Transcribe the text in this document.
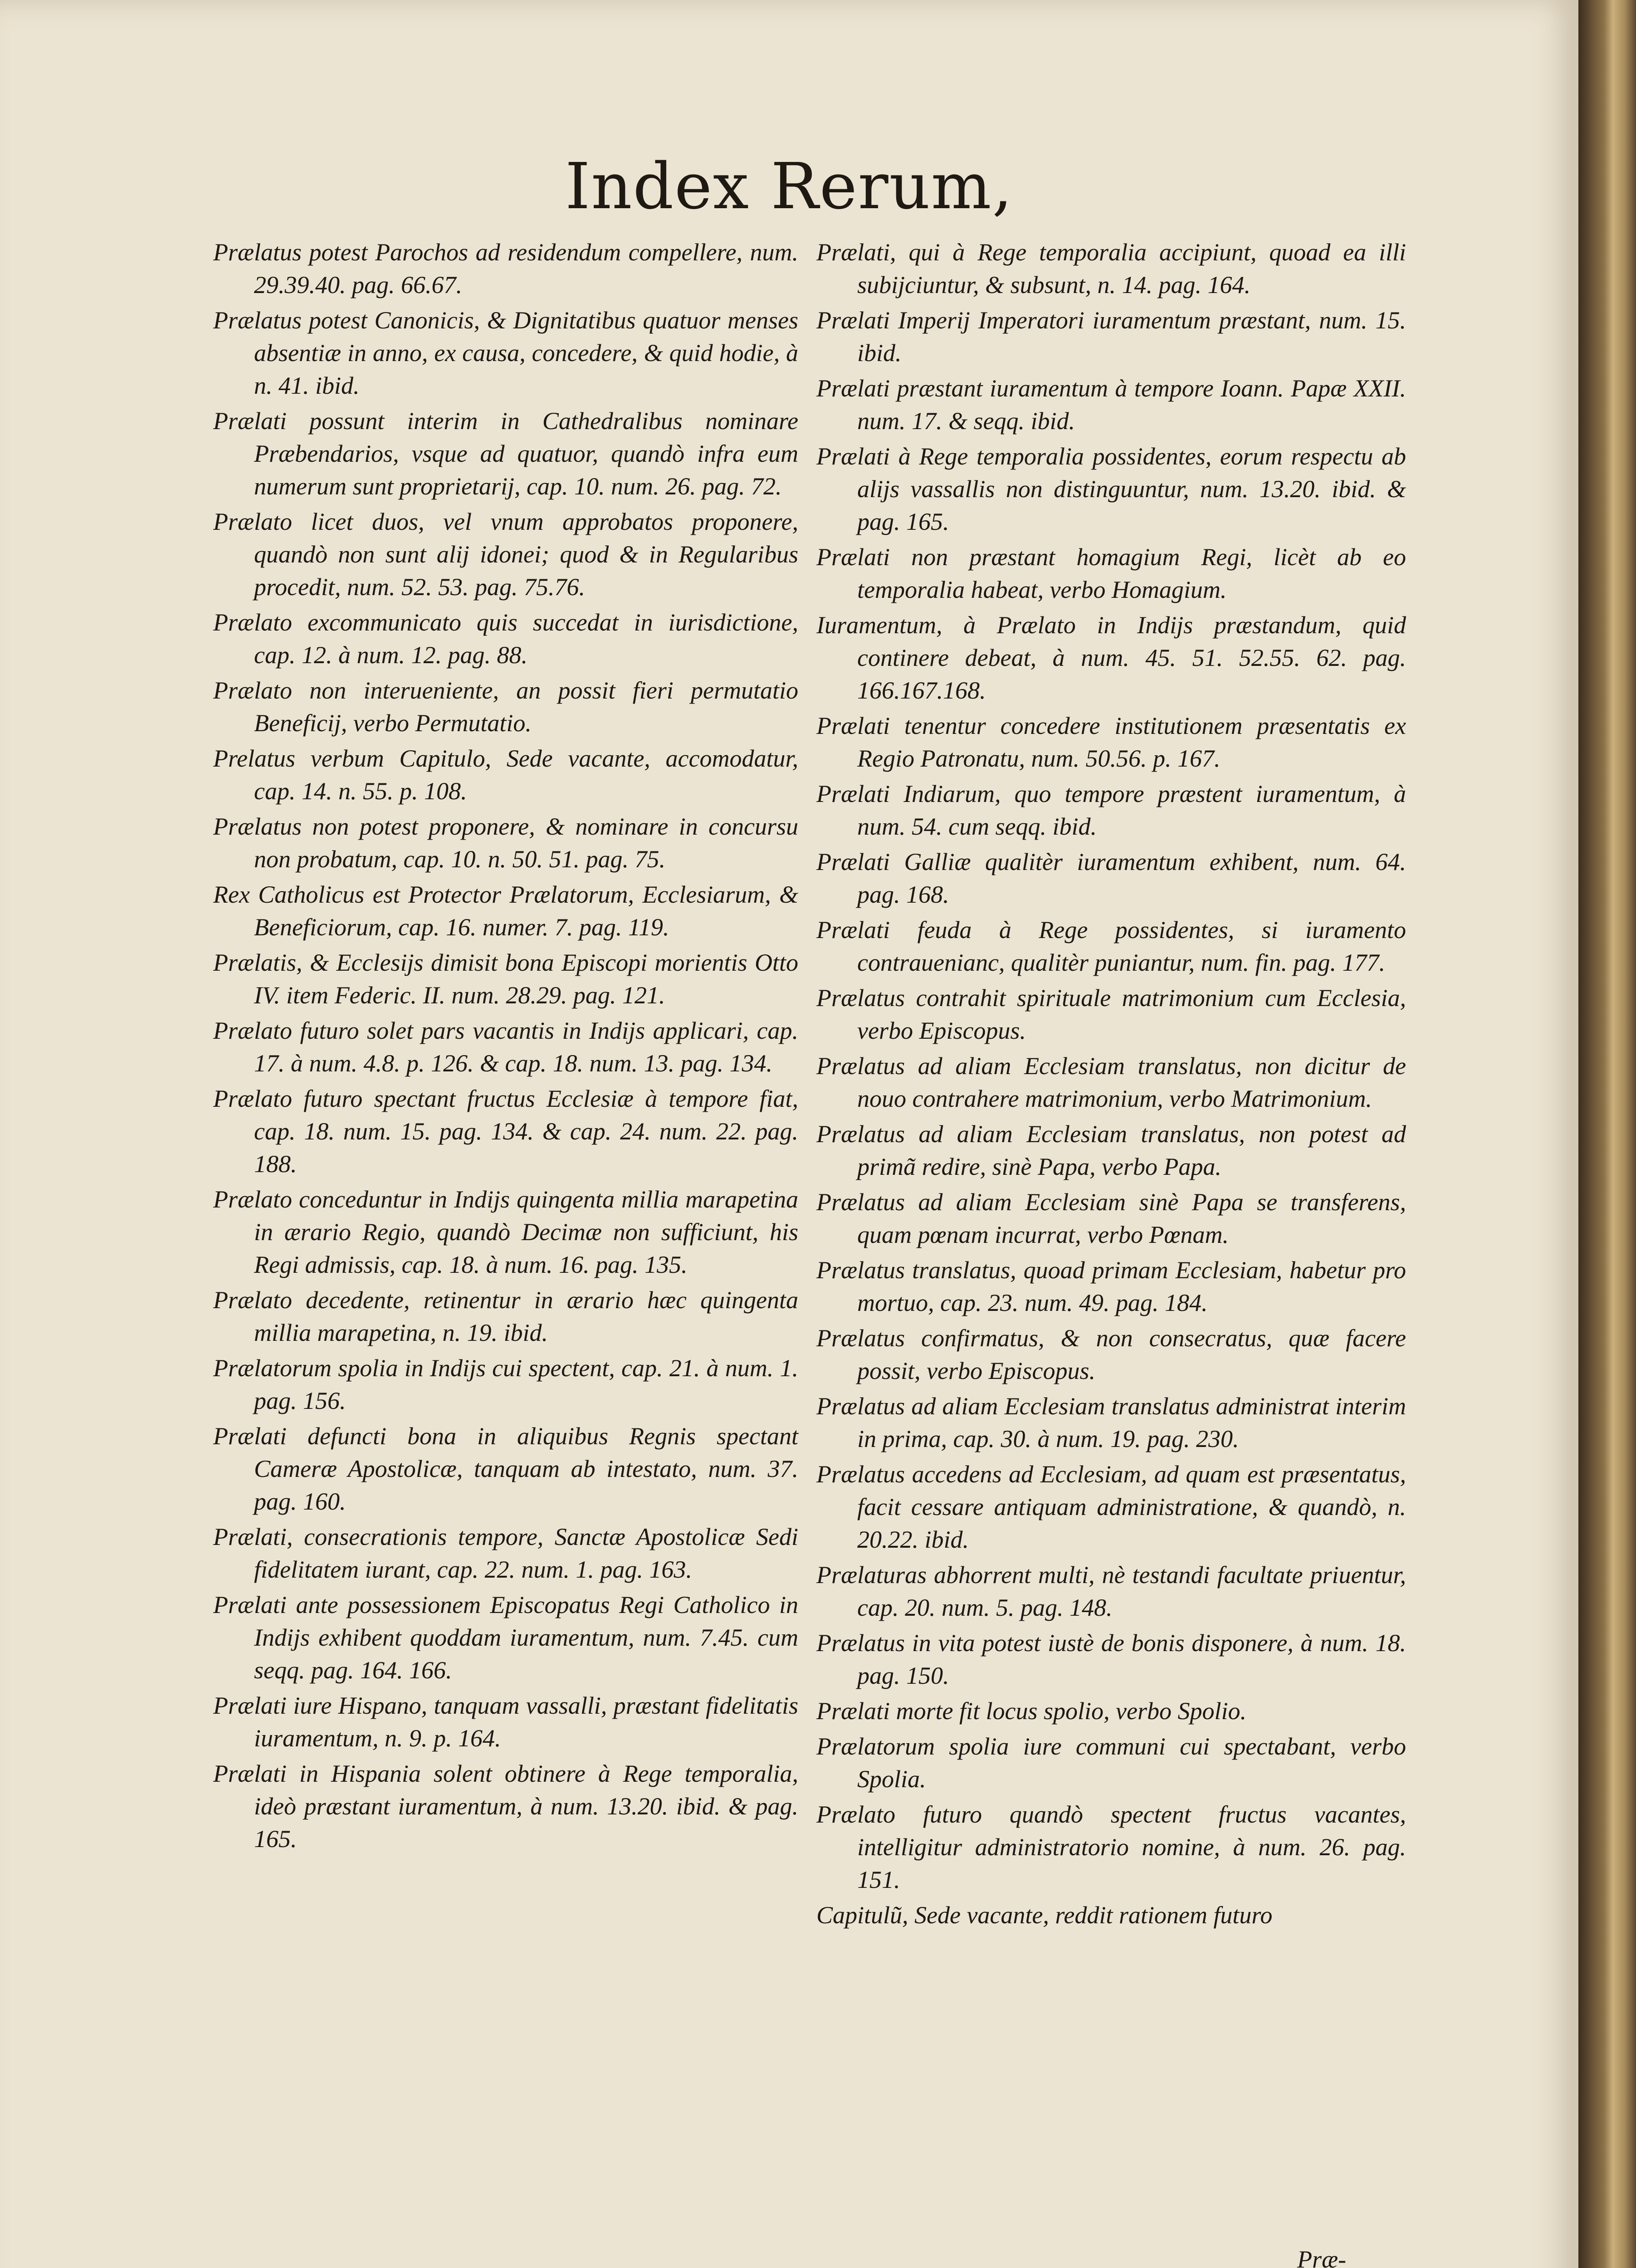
Index Rerum,

Prælatus potest Parochos ad residendum compellere, num. 29.39.40. pag. 66.67.

Prælatus potest Canonicis, & Dignitatibus quatuor menses absentiæ in anno, ex causa, concedere, & quid hodie, à n. 41. ibid.

Prælati possunt interim in Cathedralibus nominare Præbendarios, vsque ad quatuor, quandò infra eum numerum sunt proprietarij, cap. 10. num. 26. pag. 72.

Prælato licet duos, vel vnum approbatos proponere, quandò non sunt alij idonei; quod & in Regularibus procedit, num. 52. 53. pag. 75.76.

Prælato excommunicato quis succedat in iurisdictione, cap. 12. à num. 12. pag. 88.

Prælato non interueniente, an possit fieri permutatio Beneficij, verbo Permutatio.

Prelatus verbum Capitulo, Sede vacante, accomodatur, cap. 14. n. 55. p. 108.

Prælatus non potest proponere, & nominare in concursu non probatum, cap. 10. n. 50. 51. pag. 75.

Rex Catholicus est Protector Prælatorum, Ecclesiarum, & Beneficiorum, cap. 16. numer. 7. pag. 119.

Prælatis, & Ecclesijs dimisit bona Episcopi morientis Otto IV. item Federic. II. num. 28.29. pag. 121.

Prælato futuro solet pars vacantis in Indijs applicari, cap. 17. à num. 4.8. p. 126. & cap. 18. num. 13. pag. 134.

Prælato futuro spectant fructus Ecclesiæ à tempore fiat, cap. 18. num. 15. pag. 134. & cap. 24. num. 22. pag. 188.

Prælato conceduntur in Indijs quingenta millia marapetina in ærario Regio, quandò Decimæ non sufficiunt, his Regi admissis, cap. 18. à num. 16. pag. 135.

Prælato decedente, retinentur in ærario hæc quingenta millia marapetina, n. 19. ibid.

Prælatorum spolia in Indijs cui spectent, cap. 21. à num. 1. pag. 156.

Prælati defuncti bona in aliquibus Regnis spectant Cameræ Apostolicæ, tanquam ab intestato, num. 37. pag. 160.

Prælati, consecrationis tempore, Sanctæ Apostolicæ Sedi fidelitatem iurant, cap. 22. num. 1. pag. 163.

Prælati ante possessionem Episcopatus Regi Catholico in Indijs exhibent quoddam iuramentum, num. 7.45. cum seqq. pag. 164. 166.

Prælati iure Hispano, tanquam vassalli, præstant fidelitatis iuramentum, n. 9. p. 164.

Prælati in Hispania solent obtinere à Rege temporalia, ideò præstant iuramentum, à num. 13.20. ibid. & pag. 165.

Prælati, qui à Rege temporalia accipiunt, quoad ea illi subijciuntur, & subsunt, n. 14. pag. 164.

Prælati Imperij Imperatori iuramentum præstant, num. 15. ibid.

Prælati præstant iuramentum à tempore Ioann. Papæ XXII. num. 17. & seqq. ibid.

Prælati à Rege temporalia possidentes, eorum respectu ab alijs vassallis non distinguuntur, num. 13.20. ibid. & pag. 165.

Prælati non præstant homagium Regi, licèt ab eo temporalia habeat, verbo Homagium.

Iuramentum, à Prælato in Indijs præstandum, quid continere debeat, à num. 45. 51. 52.55. 62. pag. 166.167.168.

Prælati tenentur concedere institutionem præsentatis ex Regio Patronatu, num. 50.56. p. 167.

Prælati Indiarum, quo tempore præstent iuramentum, à num. 54. cum seqq. ibid.

Prælati Galliæ qualitèr iuramentum exhibent, num. 64. pag. 168.

Prælati feuda à Rege possidentes, si iuramento contrauenianc, qualitèr puniantur, num. fin. pag. 177.

Prælatus contrahit spirituale matrimonium cum Ecclesia, verbo Episcopus.

Prælatus ad aliam Ecclesiam translatus, non dicitur de nouo contrahere matrimonium, verbo Matrimonium.

Prælatus ad aliam Ecclesiam translatus, non potest ad primã redire, sinè Papa, verbo Papa.

Prælatus ad aliam Ecclesiam sinè Papa se transferens, quam pœnam incurrat, verbo Pœnam.

Prælatus translatus, quoad primam Ecclesiam, habetur pro mortuo, cap. 23. num. 49. pag. 184.

Prælatus confirmatus, & non consecratus, quæ facere possit, verbo Episcopus.

Prælatus ad aliam Ecclesiam translatus administrat interim in prima, cap. 30. à num. 19. pag. 230.

Prælatus accedens ad Ecclesiam, ad quam est præsentatus, facit cessare antiquam administratione, & quandò, n. 20.22. ibid.

Prælaturas abhorrent multi, nè testandi facultate priuentur, cap. 20. num. 5. pag. 148.

Prælatus in vita potest iustè de bonis disponere, à num. 18. pag. 150.

Prælati morte fit locus spolio, verbo Spolio.

Prælatorum spolia iure communi cui spectabant, verbo Spolia.

Prælato futuro quandò spectent fructus vacantes, intelligitur administratorio nomine, à num. 26. pag. 151.

Capitulũ, Sede vacante, reddit rationem futuro

Præ-
